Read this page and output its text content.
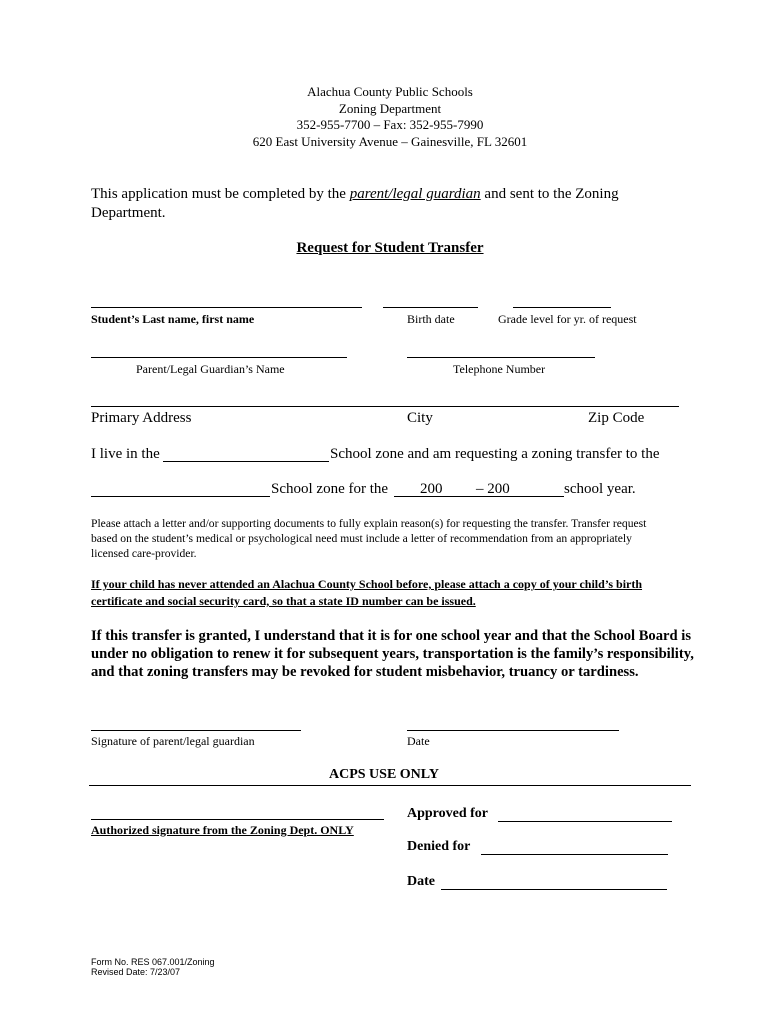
Alachua County Public Schools
Zoning Department
352-955-7700 – Fax: 352-955-7990
620 East University Avenue – Gainesville, FL 32601
This application must be completed by the parent/legal guardian and sent to the Zoning
Department.
Request for Student Transfer
Student’s Last name, first name	Birth date	Grade level for yr. of request
Parent/Legal Guardian’s Name	Telephone Number
Primary Address	City	Zip Code
I live in the	School zone and am requesting a zoning transfer to the
School zone for the 200 – 200	school year.
Please attach a letter and/or supporting documents to fully explain reason(s) for requesting the transfer. Transfer request based on the student’s medical or psychological need must include a letter of recommendation from an appropriately licensed care-provider.
If your child has never attended an Alachua County School before, please attach a copy of your child’s birth
certificate and social security card, so that a state ID number can be issued.
If this transfer is granted, I understand that it is for one school year and that the School Board is under no obligation to renew it for subsequent years, transportation is the family’s responsibility, and that zoning transfers may be revoked for student misbehavior, truancy or tardiness.
Signature of parent/legal guardian	Date
ACPS USE ONLY
Authorized signature from the Zoning Dept. ONLY
Approved for
Denied for
Date
Form No. RES 067.001/Zoning
Revised Date: 7/23/07
